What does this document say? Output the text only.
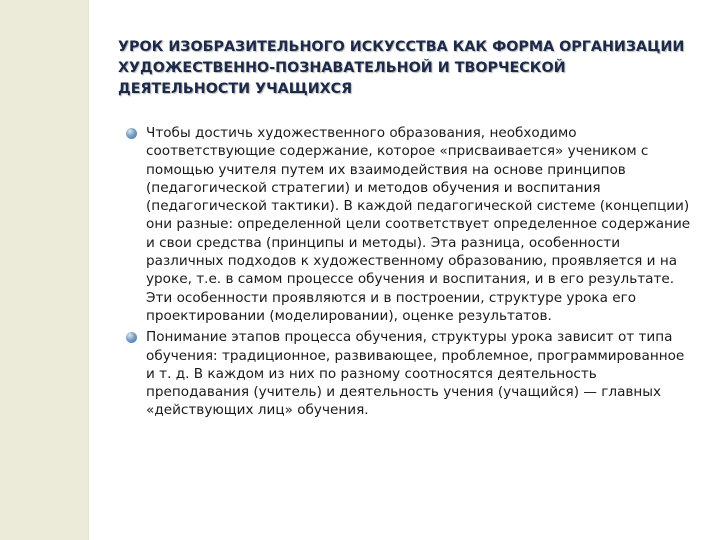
УРОК ИЗОБРАЗИТЕЛЬНОГО ИСКУССТВА КАК ФОРМА ОРГАНИЗАЦИИ ХУДОЖЕСТВЕННО-ПОЗНАВАТЕЛЬНОЙ И ТВОРЧЕСКОЙ ДЕЯТЕЛЬНОСТИ УЧАЩИХСЯ
Чтобы достичь художественного образования, необходимо соответствующие содержание, которое «присваивается» учеником с помощью учителя путем их взаимодействия на основе принципов (педагогической стратегии) и методов обучения и воспитания (педагогической тактики). В каждой педагогической системе (концепции) они разные: определенной цели соответствует определенное содержание и свои средства (принципы и методы). Эта разница, особенности различных подходов к художественному образованию, проявляется и на уроке, т.е. в самом процессе обучения и воспитания, и в его результате. Эти особенности проявляются и в построении, структуре урока его проектировании (моделировании), оценке результатов.
Понимание этапов процесса обучения, структуры урока зависит от типа обучения: традиционное, развивающее, проблемное, программированное и т. д. В каждом из них по разному соотносятся деятельность преподавания (учитель) и деятельность учения (учащийся) — главных «действующих лиц» обучения.
